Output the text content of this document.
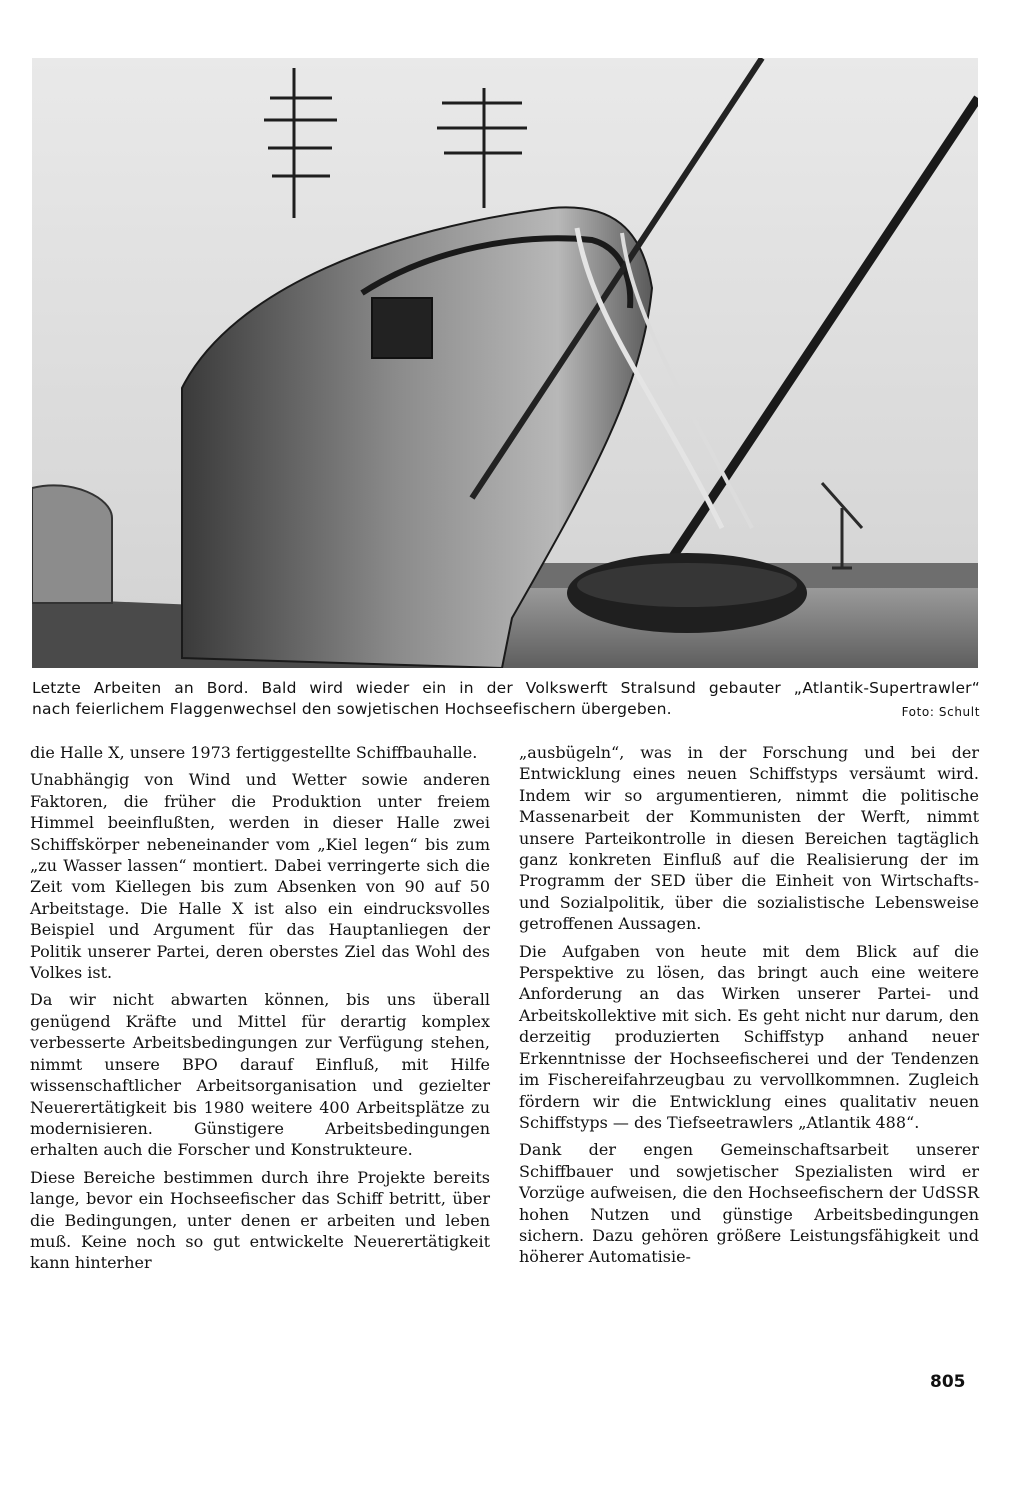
Letzte Arbeiten an Bord. Bald wird wieder ein in der Volkswerft Stralsund gebauter „Atlantik-Supertrawler“
nach feierlichem Flaggenwechsel den sowjetischen Hochseefischern übergeben.	Foto: Schult

die Halle X, unsere 1973 fertiggestellte Schiffbauhalle.

Unabhängig von Wind und Wetter sowie anderen Faktoren, die früher die Produktion unter freiem Himmel beeinflußten, werden in dieser Halle zwei Schiffskörper nebeneinander vom „Kiel legen“ bis zum „zu Wasser lassen“ montiert. Dabei verringerte sich die Zeit vom Kiellegen bis zum Absenken von 90 auf 50 Arbeitstage. Die Halle X ist also ein eindrucksvolles Beispiel und Argument für das Hauptanliegen der Politik unserer Partei, deren oberstes Ziel das Wohl des Volkes ist.

Da wir nicht abwarten können, bis uns überall genügend Kräfte und Mittel für derartig komplex verbesserte Arbeitsbedingungen zur Verfügung stehen, nimmt unsere BPO darauf Einfluß, mit Hilfe wissenschaftlicher Arbeitsorganisation und gezielter Neuerertätigkeit bis 1980 weitere 400 Arbeitsplätze zu modernisieren. Günstigere Arbeitsbedingungen erhalten auch die Forscher und Konstrukteure.

Diese Bereiche bestimmen durch ihre Projekte bereits lange, bevor ein Hochseefischer das Schiff betritt, über die Bedingungen, unter denen er arbeiten und leben muß. Keine noch so gut entwickelte Neuerertätigkeit kann hinterher

„ausbügeln“, was in der Forschung und bei der Entwicklung eines neuen Schiffstyps versäumt wird. Indem wir so argumentieren, nimmt die politische Massenarbeit der Kommunisten der Werft, nimmt unsere Parteikontrolle in diesen Bereichen tagtäglich ganz konkreten Einfluß auf die Realisierung der im Programm der SED über die Einheit von Wirtschafts- und Sozialpolitik, über die sozialistische Lebensweise getroffenen Aussagen.

Die Aufgaben von heute mit dem Blick auf die Perspektive zu lösen, das bringt auch eine weitere Anforderung an das Wirken unserer Partei- und Arbeitskollektive mit sich. Es geht nicht nur darum, den derzeitig produzierten Schiffstyp anhand neuer Erkenntnisse der Hochseefischerei und der Tendenzen im Fischereifahrzeugbau zu vervollkommnen. Zugleich fördern wir die Entwicklung eines qualitativ neuen Schiffstyps — des Tiefseetrawlers „Atlantik 488“.

Dank der engen Gemeinschaftsarbeit unserer Schiffbauer und sowjetischer Spezialisten wird er Vorzüge aufweisen, die den Hochseefischern der UdSSR hohen Nutzen und günstige Arbeitsbedingungen sichern. Dazu gehören größere Leistungsfähigkeit und höherer Automatisie-

805
